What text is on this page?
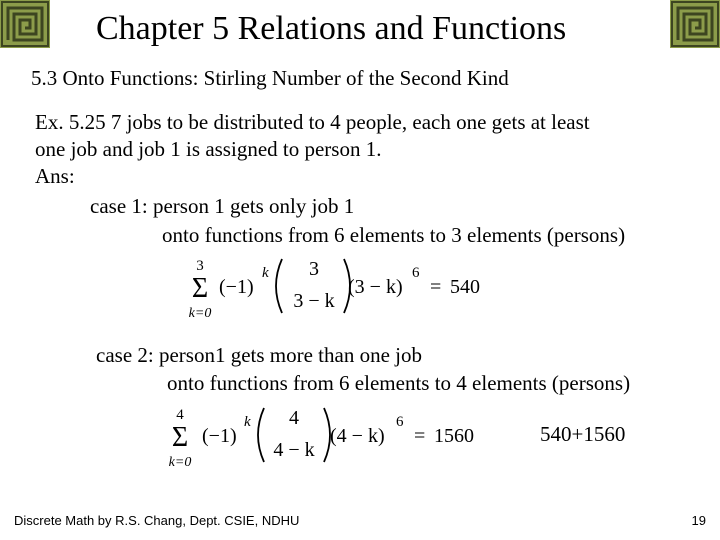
Chapter 5 Relations and Functions
5.3 Onto Functions: Stirling Number of the Second Kind
Ex. 5.25 7 jobs to be distributed to 4 people, each one gets at least
one job and job 1 is assigned to person 1.
Ans:
case 1: person 1 gets only job 1
onto functions from 6 elements to 3 elements (persons)
3
Σ
k=0
(−1)
k 3
3 − k
(3 − k)
6
= 540
case 2: person1 gets more than one job
onto functions from 6 elements to 4 elements (persons)
4
Σ
k=0
(−1)
k 4
4 − k
(4 − k)
6
= 1560	540+1560
Discrete Math by R.S. Chang, Dept. CSIE, NDHU	19
